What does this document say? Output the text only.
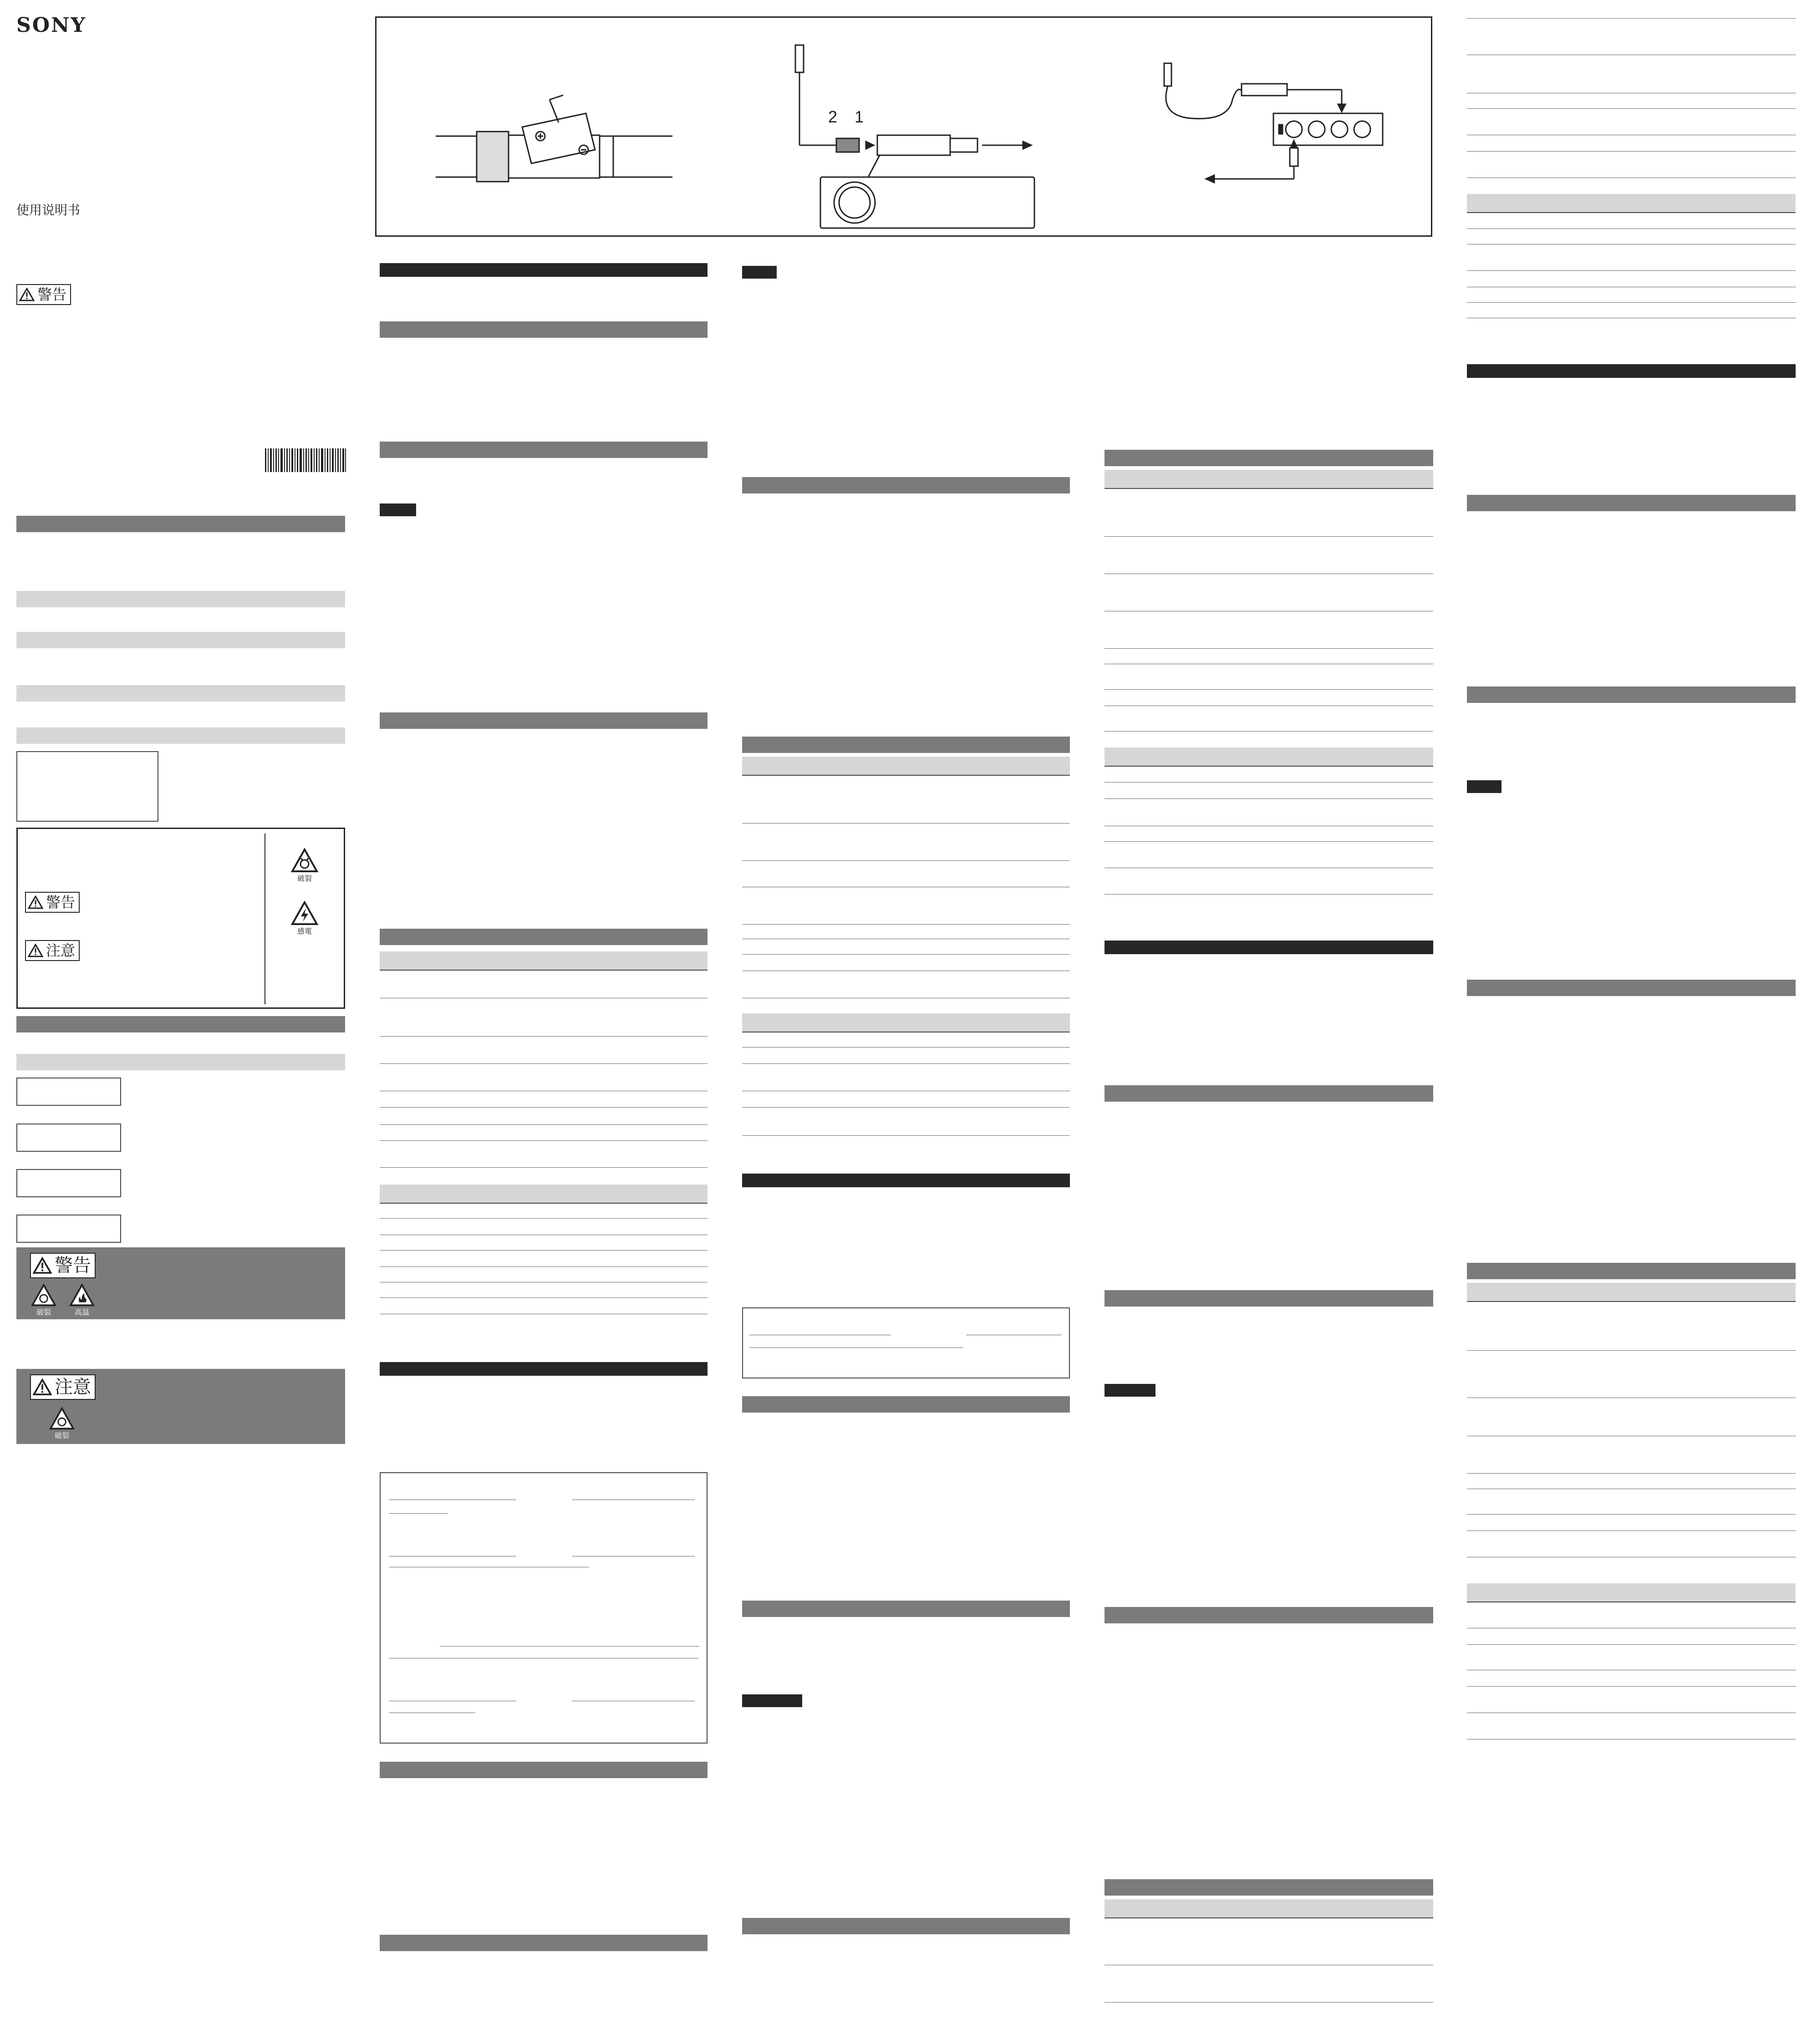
SONY
使用说明书
警告
警告
注意
破裂
感電
警告
破裂	高温
注意
破裂
2 1
